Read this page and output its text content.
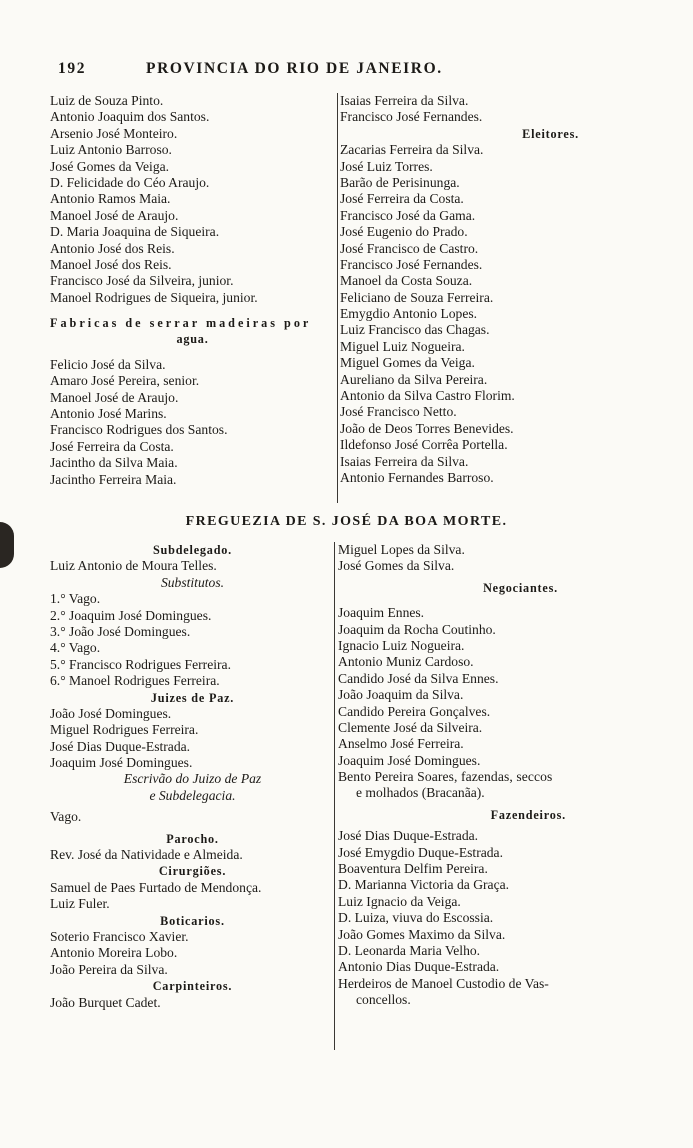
192	PROVINCIA DO RIO DE JANEIRO.
Luiz de Souza Pinto.
Antonio Joaquim dos Santos.
Arsenio José Monteiro.
Luiz Antonio Barroso.
José Gomes da Veiga.
D. Felicidade do Céo Araujo.
Antonio Ramos Maia.
Manoel José de Araujo.
D. Maria Joaquina de Siqueira.
Antonio José dos Reis.
Manoel José dos Reis.
Francisco José da Silveira, junior.
Manoel Rodrigues de Siqueira, junior.
Fabricas de serrar madeiras por
agua.
Felicio José da Silva.
Amaro José Pereira, senior.
Manoel José de Araujo.
Antonio José Marins.
Francisco Rodrigues dos Santos.
José Ferreira da Costa.
Jacintho da Silva Maia.
Jacintho Ferreira Maia.
Isaias Ferreira da Silva.
Francisco José Fernandes.
Eleitores.
Zacarias Ferreira da Silva.
José Luiz Torres.
Barão de Perisinunga.
José Ferreira da Costa.
Francisco José da Gama.
José Eugenio do Prado.
José Francisco de Castro.
Francisco José Fernandes.
Manoel da Costa Souza.
Feliciano de Souza Ferreira.
Emygdio Antonio Lopes.
Luiz Francisco das Chagas.
Miguel Luiz Nogueira.
Miguel Gomes da Veiga.
Aureliano da Silva Pereira.
Antonio da Silva Castro Florim.
José Francisco Netto.
João de Deos Torres Benevides.
Ildefonso José Corrêa Portella.
Isaias Ferreira da Silva.
Antonio Fernandes Barroso.
FREGUEZIA DE S. JOSÉ DA BOA MORTE.
Subdelegado.
Luiz Antonio de Moura Telles.
Substitutos.
1.° Vago.
2.° Joaquim José Domingues.
3.° João José Domingues.
4.° Vago.
5.° Francisco Rodrigues Ferreira.
6.° Manoel Rodrigues Ferreira.
Juizes de Paz.
João José Domingues.
Miguel Rodrigues Ferreira.
José Dias Duque-Estrada.
Joaquim José Domingues.
Escrivão do Juizo de Paz
e Subdelegacia.
Vago.
Parocho.
Rev. José da Natividade e Almeida.
Cirurgiões.
Samuel de Paes Furtado de Mendonça.
Luiz Fuler.
Boticarios.
Soterio Francisco Xavier.
Antonio Moreira Lobo.
João Pereira da Silva.
Carpinteiros.
João Burquet Cadet.
Miguel Lopes da Silva.
José Gomes da Silva.
Negociantes.
Joaquim Ennes.
Joaquim da Rocha Coutinho.
Ignacio Luiz Nogueira.
Antonio Muniz Cardoso.
Candido José da Silva Ennes.
João Joaquim da Silva.
Candido Pereira Gonçalves.
Clemente José da Silveira.
Anselmo José Ferreira.
Joaquim José Domingues.
Bento Pereira Soares, fazendas, seccos
e molhados (Bracanãa).
Fazendeiros.
José Dias Duque-Estrada.
José Emygdio Duque-Estrada.
Boaventura Delfim Pereira.
D. Marianna Victoria da Graça.
Luiz Ignacio da Veiga.
D. Luiza, viuva do Escossia.
João Gomes Maximo da Silva.
D. Leonarda Maria Velho.
Antonio Dias Duque-Estrada.
Herdeiros de Manoel Custodio de Vas-
concellos.
